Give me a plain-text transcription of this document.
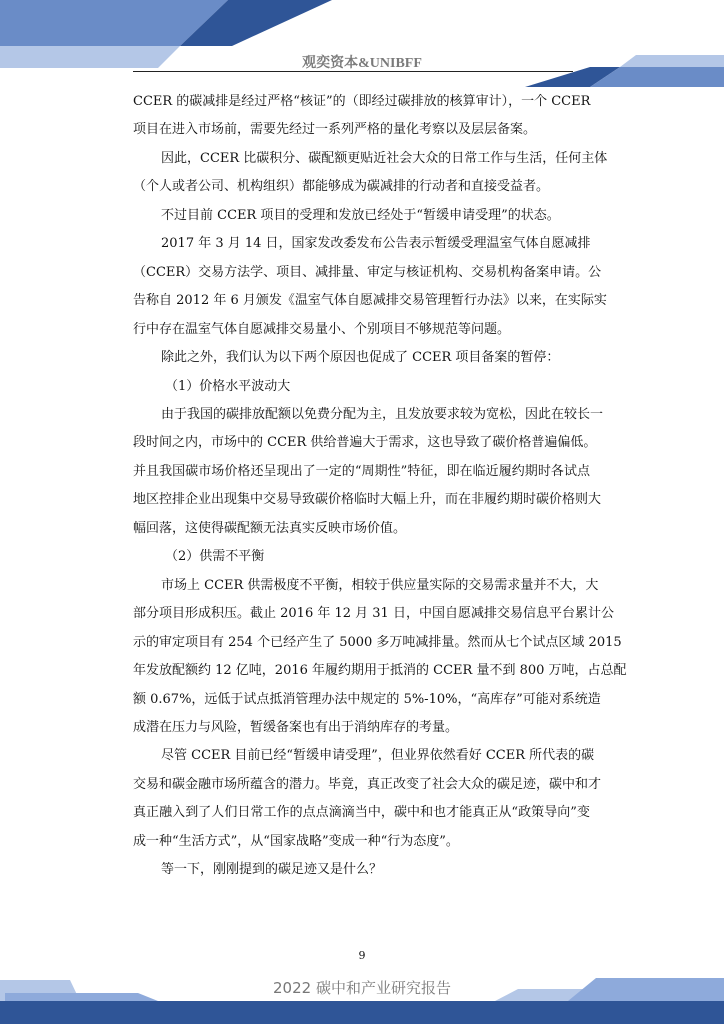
观奕资本&UNIBFF
CCER 的碳减排是经过严格“核证”的（即经过碳排放的核算审计），一个 CCER
项目在进入市场前，需要先经过一系列严格的量化考察以及层层备案。
因此，CCER 比碳积分、碳配额更贴近社会大众的日常工作与生活，任何主体
（个人或者公司、机构组织）都能够成为碳减排的行动者和直接受益者。
不过目前 CCER 项目的受理和发放已经处于“暂缓申请受理”的状态。
2017 年 3 月 14 日，国家发改委发布公告表示暂缓受理温室气体自愿减排
（CCER）交易方法学、项目、减排量、审定与核证机构、交易机构备案申请。公
告称自 2012 年 6 月颁发《温室气体自愿减排交易管理暂行办法》以来，在实际实
行中存在温室气体自愿减排交易量小、个别项目不够规范等问题。
除此之外，我们认为以下两个原因也促成了 CCER 项目备案的暂停：
（1）价格水平波动大
由于我国的碳排放配额以免费分配为主，且发放要求较为宽松，因此在较长一
段时间之内，市场中的 CCER 供给普遍大于需求，这也导致了碳价格普遍偏低。
并且我国碳市场价格还呈现出了一定的“周期性”特征，即在临近履约期时各试点
地区控排企业出现集中交易导致碳价格临时大幅上升，而在非履约期时碳价格则大
幅回落，这使得碳配额无法真实反映市场价值。
（2）供需不平衡
市场上 CCER 供需极度不平衡，相较于供应量实际的交易需求量并不大，大
部分项目形成积压。截止 2016 年 12 月 31 日，中国自愿减排交易信息平台累计公
示的审定项目有 254 个已经产生了 5000 多万吨减排量。然而从七个试点区域 2015
年发放配额约 12 亿吨，2016 年履约期用于抵消的 CCER 量不到 800 万吨，占总配
额 0.67%，远低于试点抵消管理办法中规定的 5%-10%，“高库存”可能对系统造
成潜在压力与风险，暂缓备案也有出于消纳库存的考量。
尽管 CCER 目前已经“暂缓申请受理”，但业界依然看好 CCER 所代表的碳
交易和碳金融市场所蕴含的潜力。毕竟，真正改变了社会大众的碳足迹，碳中和才
真正融入到了人们日常工作的点点滴滴当中，碳中和也才能真正从“政策导向”变
成一种“生活方式”，从“国家战略”变成一种“行为态度”。
等一下，刚刚提到的碳足迹又是什么？
9
2022 碳中和产业研究报告
